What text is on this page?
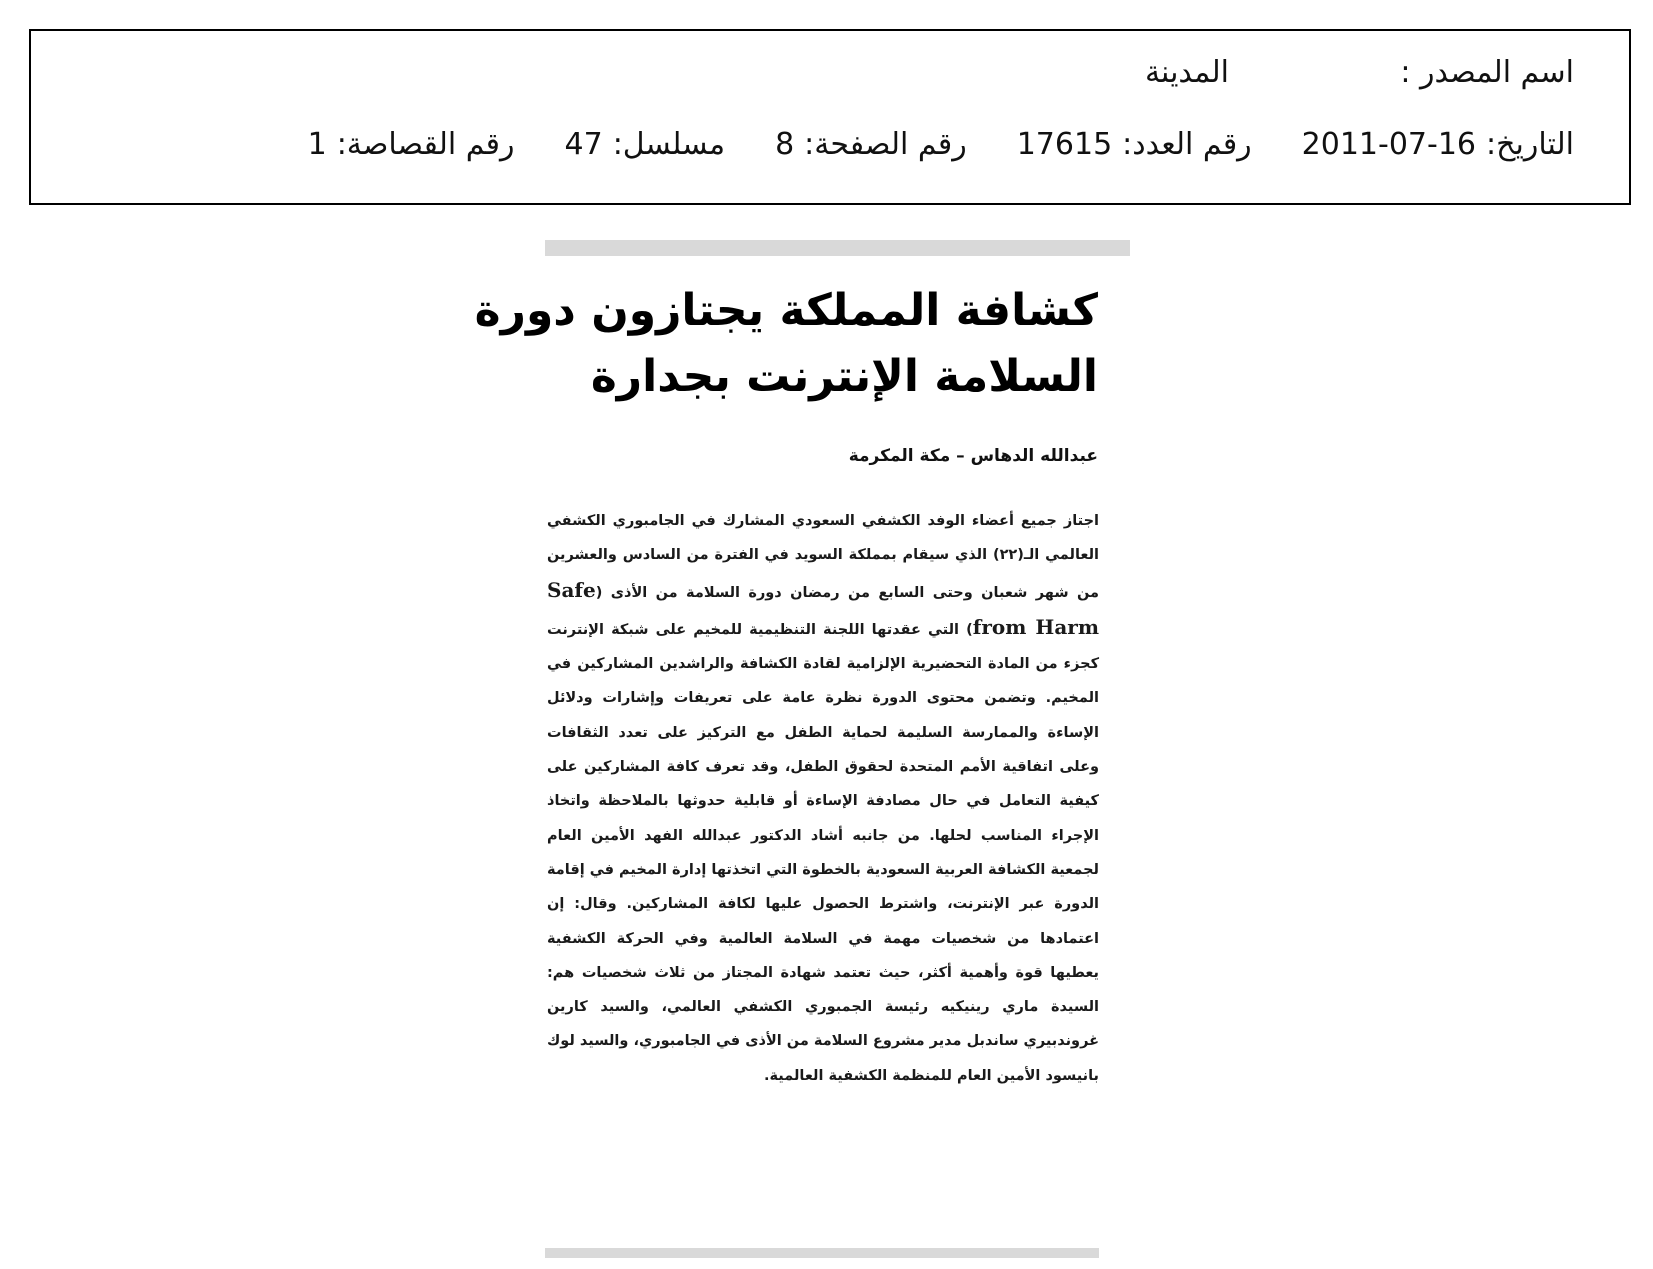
اسم المصدر :
المدينة
التاريخ:
2011-07-16
رقم العدد:
17615
رقم الصفحة:
8
مسلسل:
47
رقم القصاصة:
1
كشافة المملكة يجتازون دورة
السلامة الإنترنت بجدارة
عبدالله الدهاس – مكة المكرمة
اجتاز جميع أعضاء الوفد الكشفي السعودي المشارك في الجامبوري الكشفي العالمي الـ(٢٢) الذي سيقام بمملكة السويد في الفترة من السادس والعشرين من شهر شعبان وحتى السابع من رمضان دورة السلامة من الأذى (Safe from Harm) التي عقدتها اللجنة التنظيمية للمخيم على شبكة الإنترنت كجزء من المادة التحضيرية الإلزامية لقادة الكشافة والراشدين المشاركين في المخيم. وتضمن محتوى الدورة نظرة عامة على تعريفات وإشارات ودلائل الإساءة والممارسة السليمة لحماية الطفل مع التركيز على تعدد الثقافات وعلى اتفاقية الأمم المتحدة لحقوق الطفل، وقد تعرف كافة المشاركين على كيفية التعامل في حال مصادفة الإساءة أو قابلية حدوثها بالملاحظة واتخاذ الإجراء المناسب لحلها. من جانبه أشاد الدكتور عبدالله الفهد الأمين العام لجمعية الكشافة العربية السعودية بالخطوة التي اتخذتها إدارة المخيم في إقامة الدورة عبر الإنترنت، واشترط الحصول عليها لكافة المشاركين. وقال: إن اعتمادها من شخصيات مهمة في السلامة العالمية وفي الحركة الكشفية يعطيها قوة وأهمية أكثر، حيث تعتمد شهادة المجتاز من ثلاث شخصيات هم: السيدة ماري رينيكيه رئيسة الجمبوري الكشفي العالمي، والسيد كارين غروندبيري ساندبل مدير مشروع السلامة من الأذى في الجامبوري، والسيد لوك بانيسود الأمين العام للمنظمة الكشفية العالمية.
